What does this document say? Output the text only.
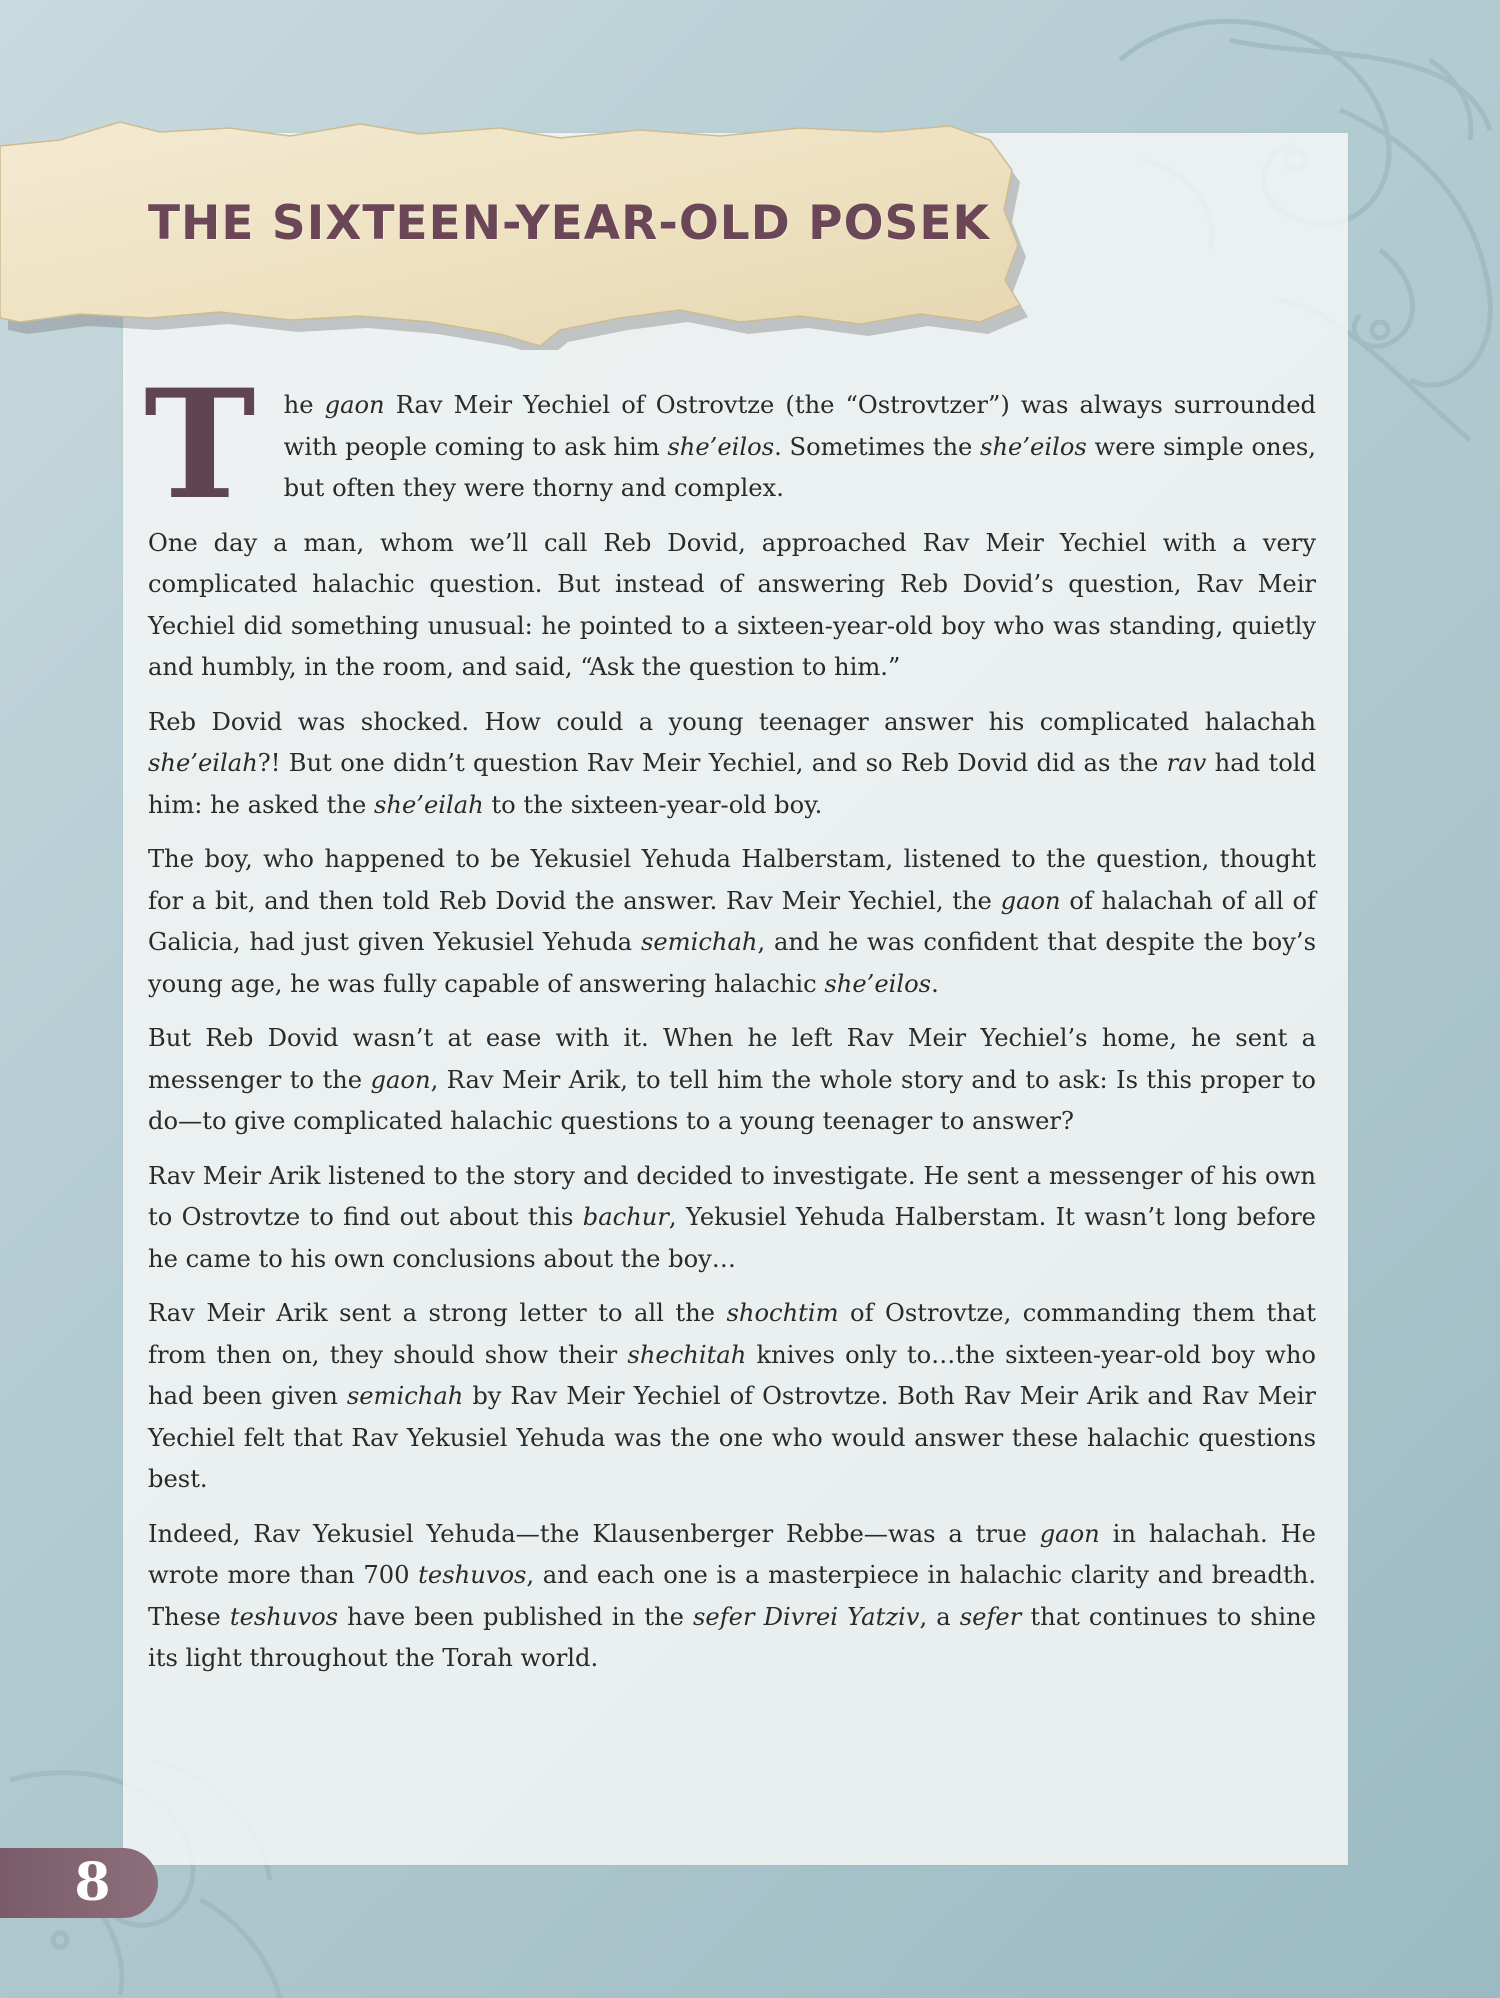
THE SIXTEEN-YEAR-OLD POSEK

T he gaon Rav Meir Yechiel of Ostrovtze (the “Ostrovtzer”) was always surrounded with people coming to ask him she’eilos. Sometimes the she’eilos were simple ones, but often they were thorny and complex.

One day a man, whom we’ll call Reb Dovid, approached Rav Meir Yechiel with a very complicated halachic question. But instead of answering Reb Dovid’s question, Rav Meir Yechiel did something unusual: he pointed to a sixteen-year-old boy who was standing, quietly and humbly, in the room, and said, “Ask the question to him.”

Reb Dovid was shocked. How could a young teenager answer his complicated halachah she’eilah?! But one didn’t question Rav Meir Yechiel, and so Reb Dovid did as the rav had told him: he asked the she’eilah to the sixteen-year-old boy.

The boy, who happened to be Yekusiel Yehuda Halberstam, listened to the question, thought for a bit, and then told Reb Dovid the answer. Rav Meir Yechiel, the gaon of halachah of all of Galicia, had just given Yekusiel Yehuda semichah, and he was confident that despite the boy’s young age, he was fully capable of answering halachic she’eilos.

But Reb Dovid wasn’t at ease with it. When he left Rav Meir Yechiel’s home, he sent a messenger to the gaon, Rav Meir Arik, to tell him the whole story and to ask: Is this proper to do—to give complicated halachic questions to a young teenager to answer?

Rav Meir Arik listened to the story and decided to investigate. He sent a messenger of his own to Ostrovtze to find out about this bachur, Yekusiel Yehuda Halberstam. It wasn’t long before he came to his own conclusions about the boy…

Rav Meir Arik sent a strong letter to all the shochtim of Ostrovtze, commanding them that from then on, they should show their shechitah knives only to…the sixteen-year-old boy who had been given semichah by Rav Meir Yechiel of Ostrovtze. Both Rav Meir Arik and Rav Meir Yechiel felt that Rav Yekusiel Yehuda was the one who would answer these halachic questions best.

Indeed, Rav Yekusiel Yehuda—the Klausenberger Rebbe—was a true gaon in halachah. He wrote more than 700 teshuvos, and each one is a masterpiece in halachic clarity and breadth. These teshuvos have been published in the sefer Divrei Yatziv, a sefer that continues to shine its light throughout the Torah world.

8
